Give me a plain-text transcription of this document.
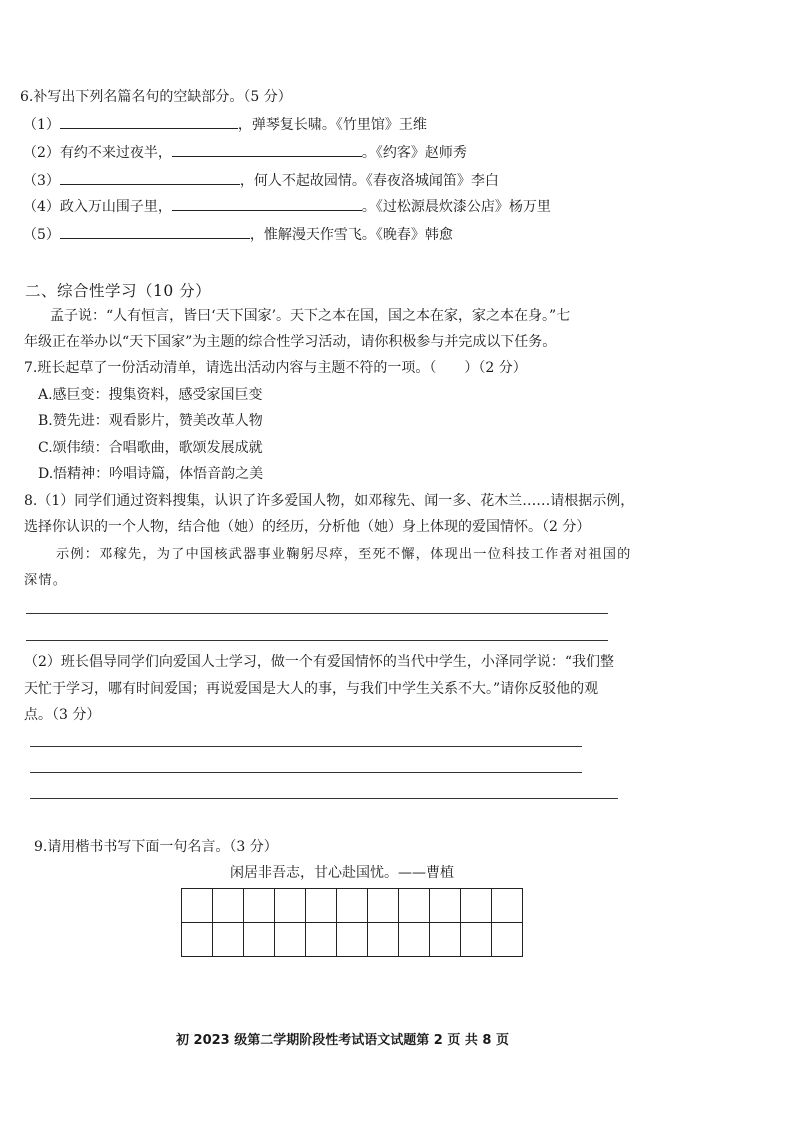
6.补写出下列名篇名句的空缺部分。（5 分）
（1）	，弹琴复长啸。《竹里馆》王维
（2）有约不来过夜半，	。《约客》赵师秀
（3）	，何人不起故园情。《春夜洛城闻笛》李白
（4）政入万山围子里，	。《过松源晨炊漆公店》杨万里
（5）	，惟解漫天作雪飞。《晚春》韩愈
二、综合性学习（10 分）
孟子说：“人有恒言，皆曰‘天下国家’。天下之本在国，国之本在家，家之本在身。”七
年级正在举办以“天下国家”为主题的综合性学习活动，请你积极参与并完成以下任务。
7.班长起草了一份活动清单，请选出活动内容与主题不符的一项。（　　）（2 分）
A.感巨变：搜集资料，感受家国巨变
B.赞先进：观看影片，赞美改革人物
C.颂伟绩：合唱歌曲，歌颂发展成就
D.悟精神：吟唱诗篇，体悟音韵之美
8.（1）同学们通过资料搜集，认识了许多爱国人物，如邓稼先、闻一多、花木兰……请根据示例，
选择你认识的一个人物，结合他（她）的经历，分析他（她）身上体现的爱国情怀。（2 分）
示例：邓稼先，为了中国核武器事业鞠躬尽瘁，至死不懈，体现出一位科技工作者对祖国的
深情。
（2）班长倡导同学们向爱国人士学习，做一个有爱国情怀的当代中学生，小泽同学说：“我们整
天忙于学习，哪有时间爱国；再说爱国是大人的事，与我们中学生关系不大。”请你反驳他的观
点。（3 分）
9.请用楷书书写下面一句名言。（3 分）
闲居非吾志，甘心赴国忧。——曹植

初 2023 级第二学期阶段性考试语文试题第 2 页 共 8 页
